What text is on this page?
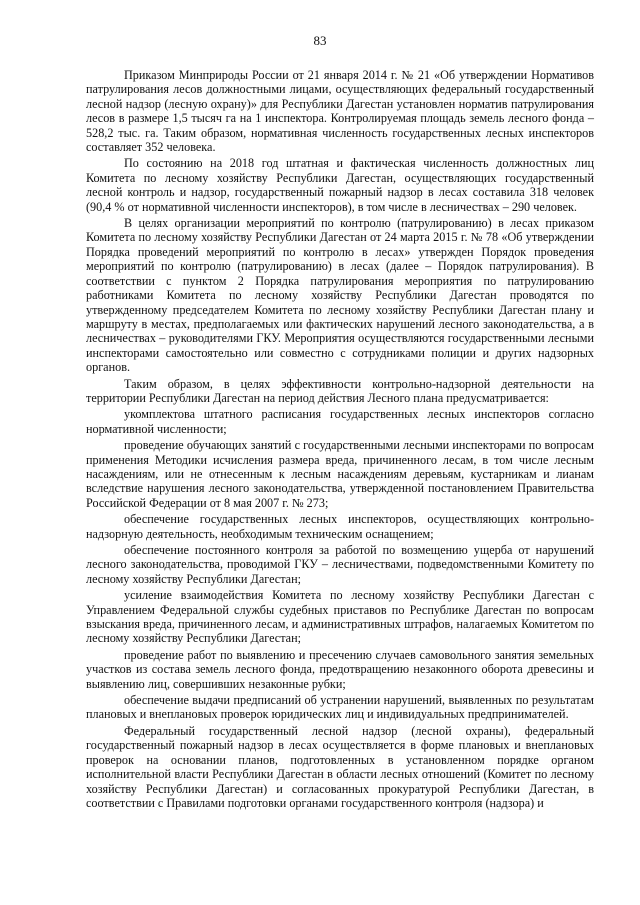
83

Приказом Минприроды России от 21 января 2014 г. № 21 «Об утверждении Нормативов патрулирования лесов должностными лицами, осуществляющих федеральный государственный лесной надзор (лесную охрану)» для Республики Дагестан установлен норматив патрулирования лесов в размере 1,5 тысяч га на 1 инспектора. Контролируемая площадь земель лесного фонда – 528,2 тыс. га. Таким образом, нормативная численность государственных лесных инспекторов составляет 352 человека.

По состоянию на 2018 год штатная и фактическая численность должностных лиц Комитета по лесному хозяйству Республики Дагестан, осуществляющих государственный лесной контроль и надзор, государственный пожарный надзор в лесах составила 318 человек (90,4 % от нормативной численности инспекторов), в том числе в лесничествах – 290 человек.

В целях организации мероприятий по контролю (патрулированию) в лесах приказом Комитета по лесному хозяйству Республики Дагестан от 24 марта 2015 г. № 78 «Об утверждении Порядка проведений мероприятий по контролю в лесах» утвержден Порядок проведения мероприятий по контролю (патрулированию) в лесах (далее – Порядок патрулирования). В соответствии с пунктом 2 Порядка патрулирования мероприятия по патрулированию работниками Комитета по лесному хозяйству Республики Дагестан проводятся по утвержденному председателем Комитета по лесному хозяйству Республики Дагестан плану и маршруту в местах, предполагаемых или фактических нарушений лесного законодательства, а в лесничествах – руководителями ГКУ. Мероприятия осуществляются государственными лесными инспекторами самостоятельно или совместно с сотрудниками полиции и других надзорных органов.

Таким образом, в целях эффективности контрольно-надзорной деятельности на территории Республики Дагестан на период действия Лесного плана предусматривается:

укомплектова штатного расписания государственных лесных инспекторов согласно нормативной численности;

проведение обучающих занятий с государственными лесными инспекторами по вопросам применения Методики исчисления размера вреда, причиненного лесам, в том числе лесным насаждениям, или не отнесенным к лесным насаждениям деревьям, кустарникам и лианам вследствие нарушения лесного законодательства, утвержденной постановлением Правительства Российской Федерации от 8 мая 2007 г. № 273;

обеспечение государственных лесных инспекторов, осуществляющих контрольно-надзорную деятельность, необходимым техническим оснащением;

обеспечение постоянного контроля за работой по возмещению ущерба от нарушений лесного законодательства, проводимой ГКУ – лесничествами, подведомственными Комитету по лесному хозяйству Республики Дагестан;

усиление взаимодействия Комитета по лесному хозяйству Республики Дагестан с Управлением Федеральной службы судебных приставов по Республике Дагестан по вопросам взыскания вреда, причиненного лесам, и административных штрафов, налагаемых Комитетом по лесному хозяйству Республики Дагестан;

проведение работ по выявлению и пресечению случаев самовольного занятия земельных участков из состава земель лесного фонда, предотвращению незаконного оборота древесины и выявлению лиц, совершивших незаконные рубки;

обеспечение выдачи предписаний об устранении нарушений, выявленных по результатам плановых и внеплановых проверок юридических лиц и индивидуальных предпринимателей.

Федеральный государственный лесной надзор (лесной охраны), федеральный государственный пожарный надзор в лесах осуществляется в форме плановых и внеплановых проверок на основании планов, подготовленных в установленном порядке органом исполнительной власти Республики Дагестан в области лесных отношений (Комитет по лесному хозяйству Республики Дагестан) и согласованных прокуратурой Республики Дагестан, в соответствии с Правилами подготовки органами государственного контроля (надзора) и
